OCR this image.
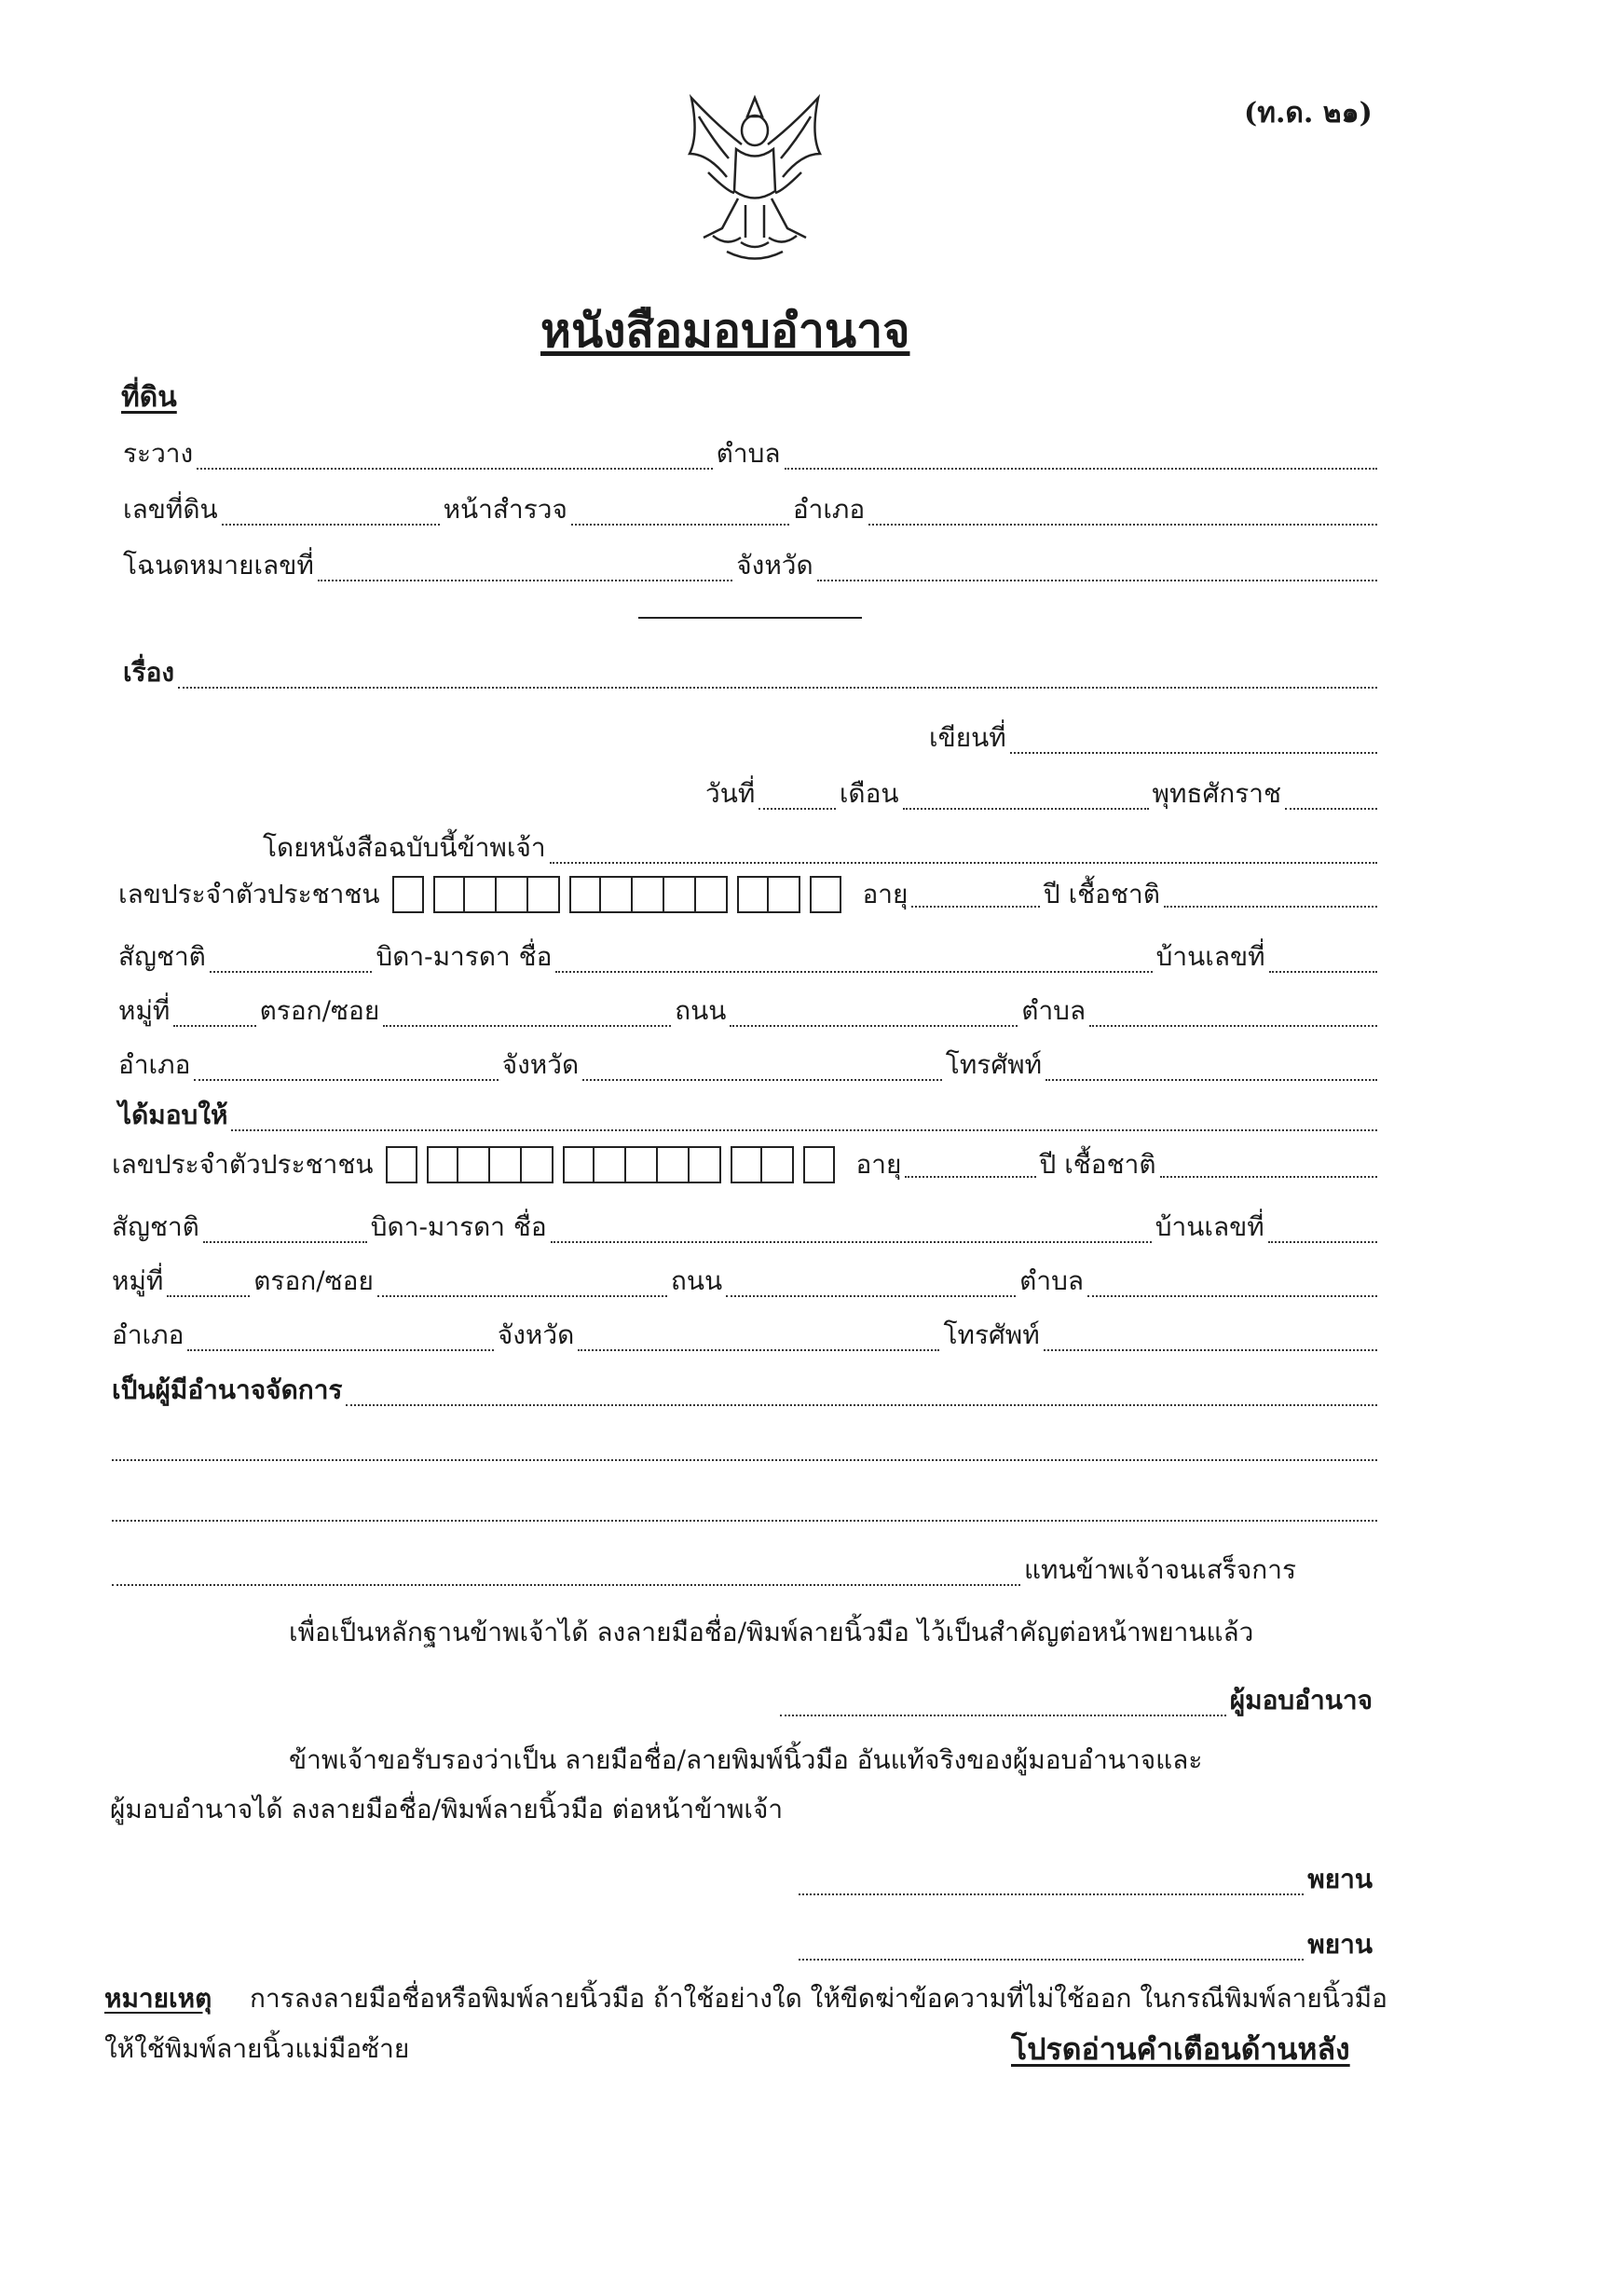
(ท.ด. ๒๑)
หนังสือมอบอำนาจ
ที่ดิน
ระวาง	ตำบล
เลขที่ดิน	หน้าสำรวจ	อำเภอ
โฉนดหมายเลขที่	จังหวัด
เรื่อง
เขียนที่
วันที่	เดือน	พุทธศักราช
โดยหนังสือฉบับนี้ข้าพเจ้า
เลขประจำตัวประชาชน	อายุ	ปี เชื้อชาติ
สัญชาติ	บิดา-มารดา ชื่อ	บ้านเลขที่
หมู่ที่	ตรอก/ซอย	ถนน	ตำบล
อำเภอ	จังหวัด	โทรศัพท์
ได้มอบให้
เลขประจำตัวประชาชน	อายุ	ปี เชื้อชาติ
สัญชาติ	บิดา-มารดา ชื่อ	บ้านเลขที่
หมู่ที่	ตรอก/ซอย	ถนน	ตำบล
อำเภอ	จังหวัด	โทรศัพท์
เป็นผู้มีอำนาจจัดการ
แทนข้าพเจ้าจนเสร็จการ
เพื่อเป็นหลักฐานข้าพเจ้าได้ ลงลายมือชื่อ/พิมพ์ลายนิ้วมือ ไว้เป็นสำคัญต่อหน้าพยานแล้ว
ผู้มอบอำนาจ
ข้าพเจ้าขอรับรองว่าเป็น ลายมือชื่อ/ลายพิมพ์นิ้วมือ อันแท้จริงของผู้มอบอำนาจและ
ผู้มอบอำนาจได้ ลงลายมือชื่อ/พิมพ์ลายนิ้วมือ ต่อหน้าข้าพเจ้า
พยาน
พยาน
หมายเหตุ การลงลายมือชื่อหรือพิมพ์ลายนิ้วมือ ถ้าใช้อย่างใด ให้ขีดฆ่าข้อความที่ไม่ใช้ออก ในกรณีพิมพ์ลายนิ้วมือ
ให้ใช้พิมพ์ลายนิ้วแม่มือซ้าย	โปรดอ่านคำเตือนด้านหลัง
